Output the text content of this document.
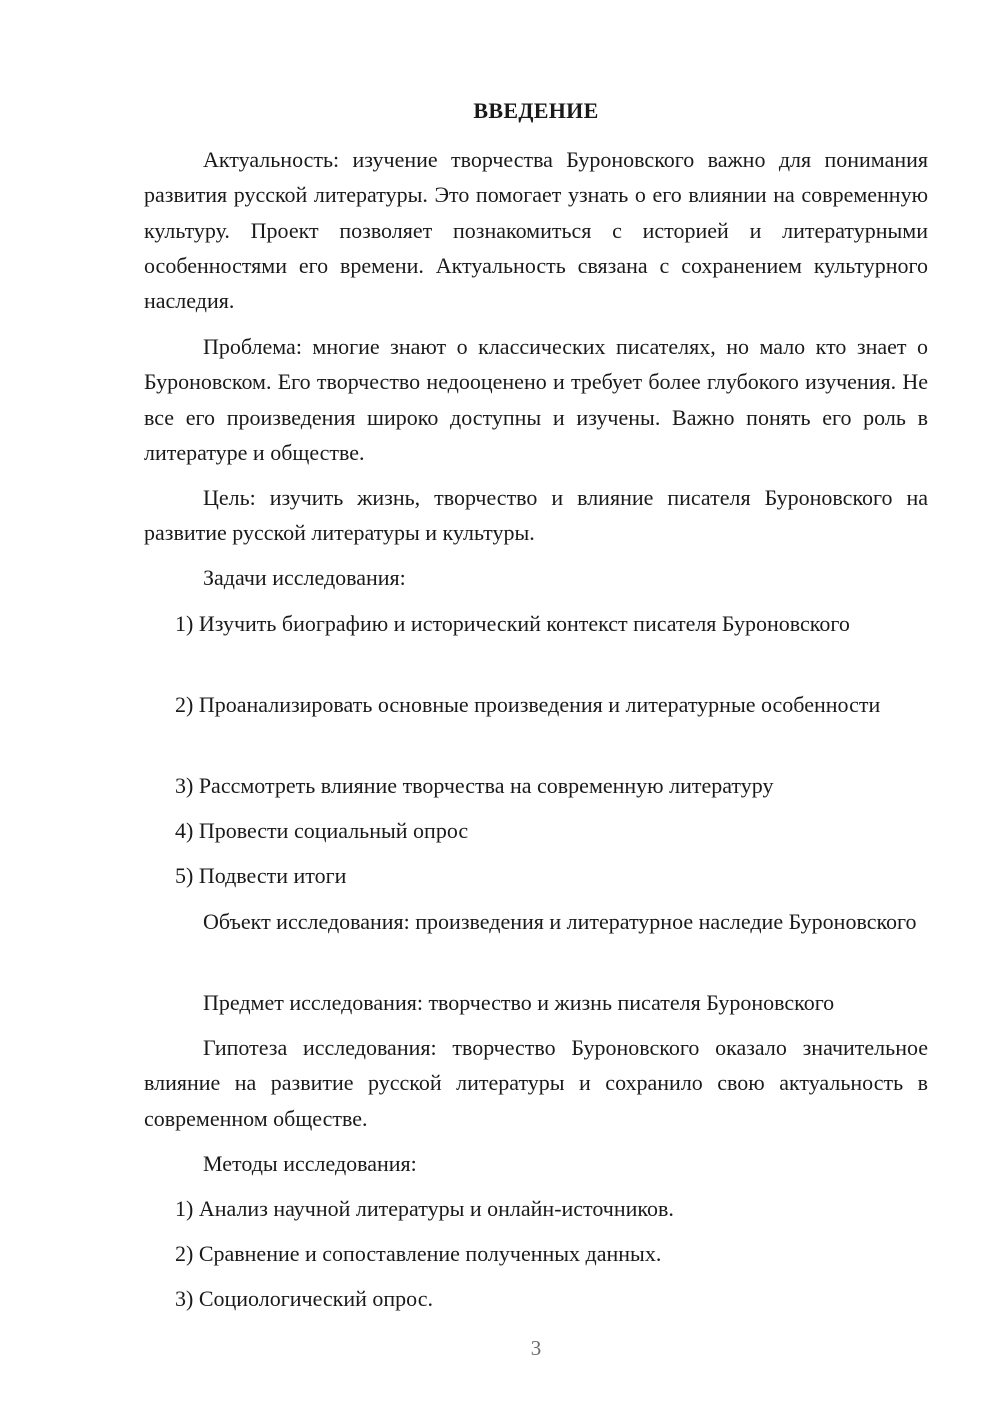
ВВЕДЕНИЕ

Актуальность: изучение творчества Буроновского важно для понимания развития русской литературы. Это помогает узнать о его влиянии на современную культуру. Проект позволяет познакомиться с историей и литературными особенностями его времени. Актуальность связана с сохранением культурного наследия.

Проблема: многие знают о классических писателях, но мало кто знает о Буроновском. Его творчество недооценено и требует более глубокого изучения. Не все его произведения широко доступны и изучены. Важно понять его роль в литературе и обществе.

Цель: изучить жизнь, творчество и влияние писателя Буроновского на развитие русской литературы и культуры.

Задачи исследования:

1) Изучить биографию и исторический контекст писателя Буроновского

2) Проанализировать основные произведения и литературные особенности

3) Рассмотреть влияние творчества на современную литературу

4) Провести социальный опрос

5) Подвести итоги

Объект исследования: произведения и литературное наследие Буроновского

Предмет исследования: творчество и жизнь писателя Буроновского

Гипотеза исследования: творчество Буроновского оказало значительное влияние на развитие русской литературы и сохранило свою актуальность в современном обществе.

Методы исследования:

1) Анализ научной литературы и онлайн-источников.

2) Сравнение и сопоставление полученных данных.

3) Социологический опрос.

3
